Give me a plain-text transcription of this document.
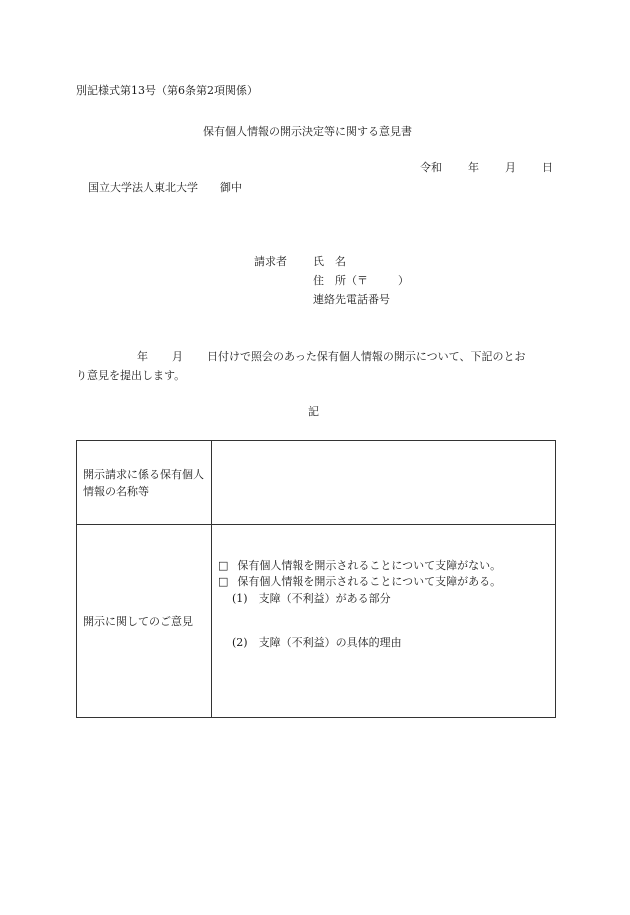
別記様式第13号（第6条第2項関係）
保有個人情報の開示決定等に関する意見書
令和 年 月 日
国立大学法人東北大学 御中
請求者 氏　名
住　所（〒	）
連絡先電話番号
年 月 日付けで照会のあった保有個人情報の開示について、下記のとお
り意見を提出します。
記
開示請求に係る保有個人情報の名称等	
開示に関してのご意見	□ 保有個人情報を開示されることについて支障がない。
□ 保有個人情報を開示されることについて支障がある。
(1)　支障（不利益）がある部分
(2)　支障（不利益）の具体的理由
